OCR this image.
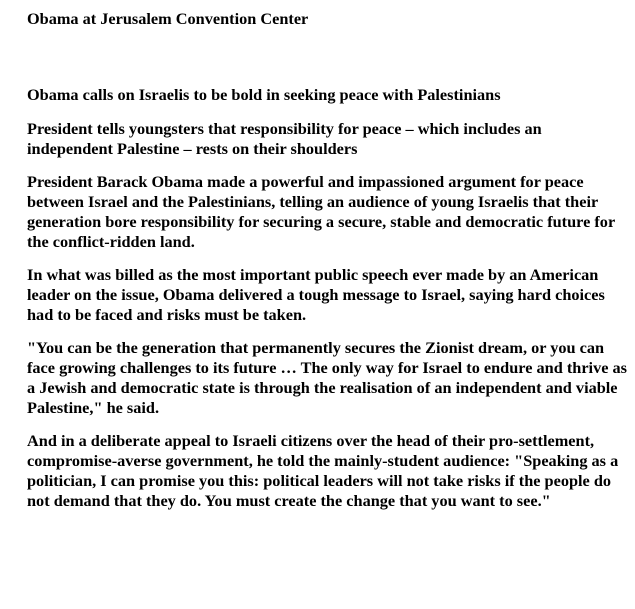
Obama at Jerusalem Convention Center

Obama calls on Israelis to be bold in seeking peace with Palestinians

President tells youngsters that responsibility for peace – which includes an independent Palestine – rests on their shoulders

President Barack Obama made a powerful and impassioned argument for peace between Israel and the Palestinians, telling an audience of young Israelis that their generation bore responsibility for securing a secure, stable and democratic future for the conflict-ridden land.

In what was billed as the most important public speech ever made by an American leader on the issue, Obama delivered a tough message to Israel, saying hard choices had to be faced and risks must be taken.

"You can be the generation that permanently secures the Zionist dream, or you can face growing challenges to its future … The only way for Israel to endure and thrive as a Jewish and democratic state is through the realisation of an independent and viable Palestine," he said.

And in a deliberate appeal to Israeli citizens over the head of their pro-settlement, compromise-averse government, he told the mainly-student audience: "Speaking as a politician, I can promise you this: political leaders will not take risks if the people do not demand that they do. You must create the change that you want to see."
